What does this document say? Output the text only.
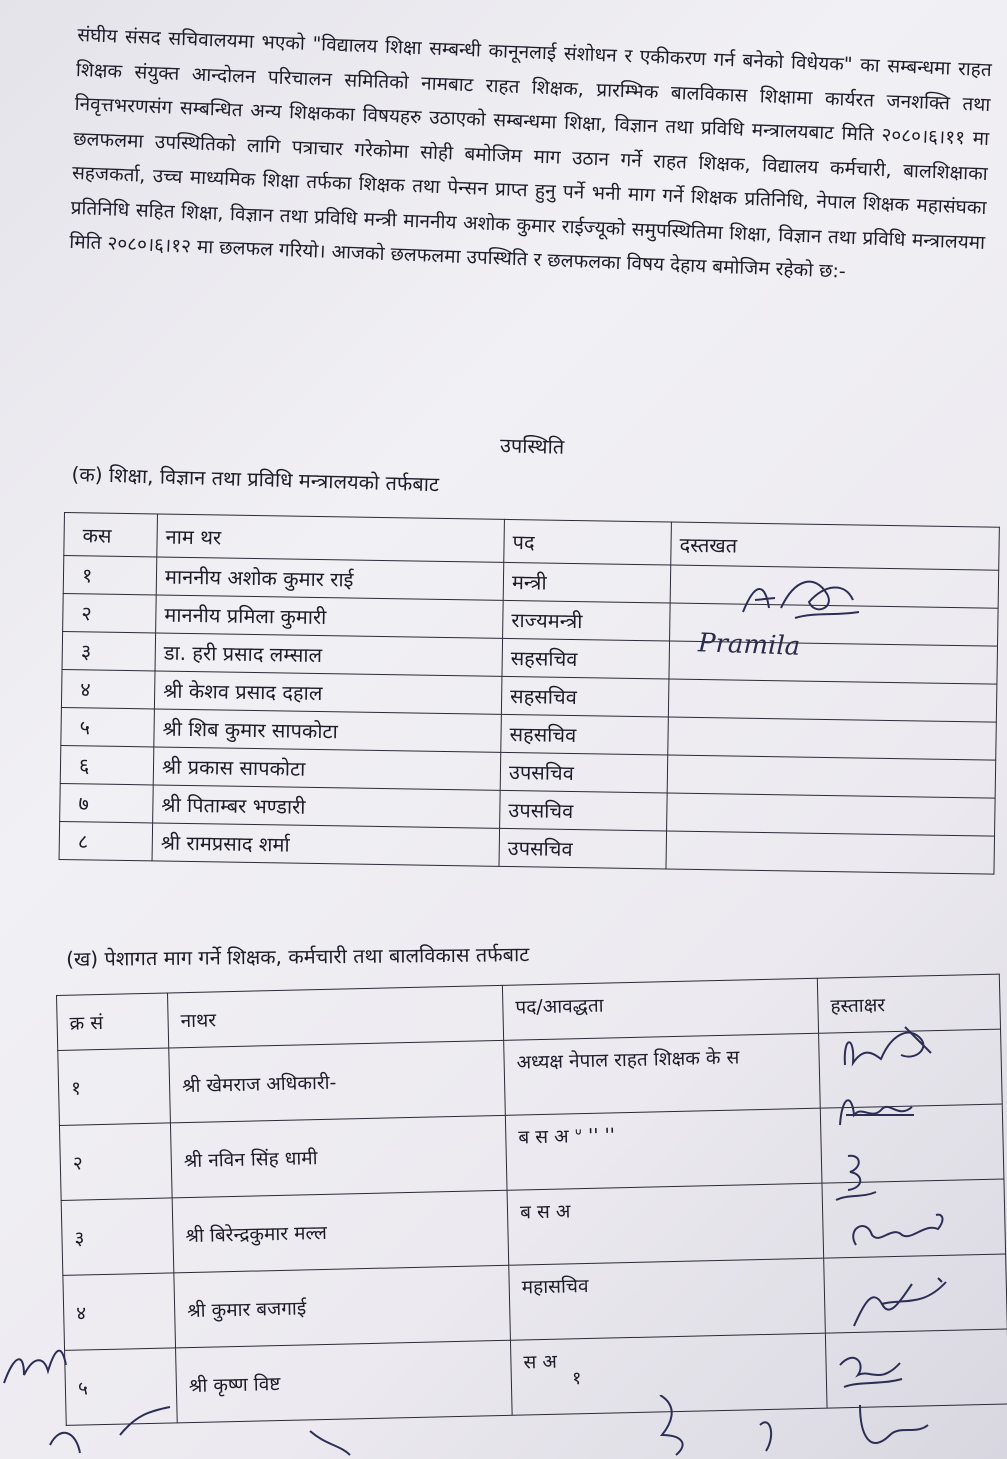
संघीय संसद सचिवालयमा भएको "विद्यालय शिक्षा सम्बन्धी कानूनलाई संशोधन र एकीकरण गर्न बनेको विधेयक" का सम्बन्धमा राहत शिक्षक संयुक्त आन्दोलन परिचालन समितिको नामबाट राहत शिक्षक, प्रारम्भिक बालविकास शिक्षामा कार्यरत जनशक्ति तथा निवृत्तभरणसंग सम्बन्धित अन्य शिक्षकका विषयहरु उठाएको सम्बन्धमा शिक्षा, विज्ञान तथा प्रविधि मन्त्रालयबाट मिति २०८०।६।११ मा छलफलमा उपस्थितिको लागि पत्राचार गरेकोमा सोही बमोजिम माग उठान गर्ने राहत शिक्षक, विद्यालय कर्मचारी, बालशिक्षाका सहजकर्ता, उच्च माध्यमिक शिक्षा तर्फका शिक्षक तथा पेन्सन प्राप्त हुनु पर्ने भनी माग गर्ने शिक्षक प्रतिनिधि, नेपाल शिक्षक महासंघका प्रतिनिधि सहित शिक्षा, विज्ञान तथा प्रविधि मन्त्री माननीय अशोक कुमार राईज्यूको समुपस्थितिमा शिक्षा, विज्ञान तथा प्रविधि मन्त्रालयमा मिति २०८०।६।१२ मा छलफल गरियो। आजको छलफलमा उपस्थिति र छलफलका विषय देहाय बमोजिम रहेको छ:-
उपस्थिति
(क) शिक्षा, विज्ञान तथा प्रविधि मन्त्रालयको तर्फबाट
कस	नाम थर	पद	दस्तखत
१	माननीय अशोक कुमार राई	मन्त्री	
२	माननीय प्रमिला कुमारी	राज्यमन्त्री	
३	डा. हरी प्रसाद लम्साल	सहसचिव	
४	श्री केशव प्रसाद दहाल	सहसचिव	
५	श्री शिब कुमार सापकोटा	सहसचिव	
६	श्री प्रकास सापकोटा	उपसचिव	
७	श्री पिताम्बर भण्डारी	उपसचिव	
८	श्री रामप्रसाद शर्मा	उपसचिव	
Pramila
(ख) पेशागत माग गर्ने शिक्षक, कर्मचारी तथा बालविकास तर्फबाट
क्र सं	नाथर	पद/आवद्धता	हस्ताक्षर
१	श्री खेमराज अधिकारी-	अध्यक्ष नेपाल राहत शिक्षक के स	
२	श्री नविन सिंह धामी	ब स अ ᐡ '' ''	
३	श्री बिरेन्द्रकुमार मल्ल	ब स अ	
४	श्री कुमार बजगाई	महासचिव	
५	श्री कृष्ण विष्ट	स अ	
१
